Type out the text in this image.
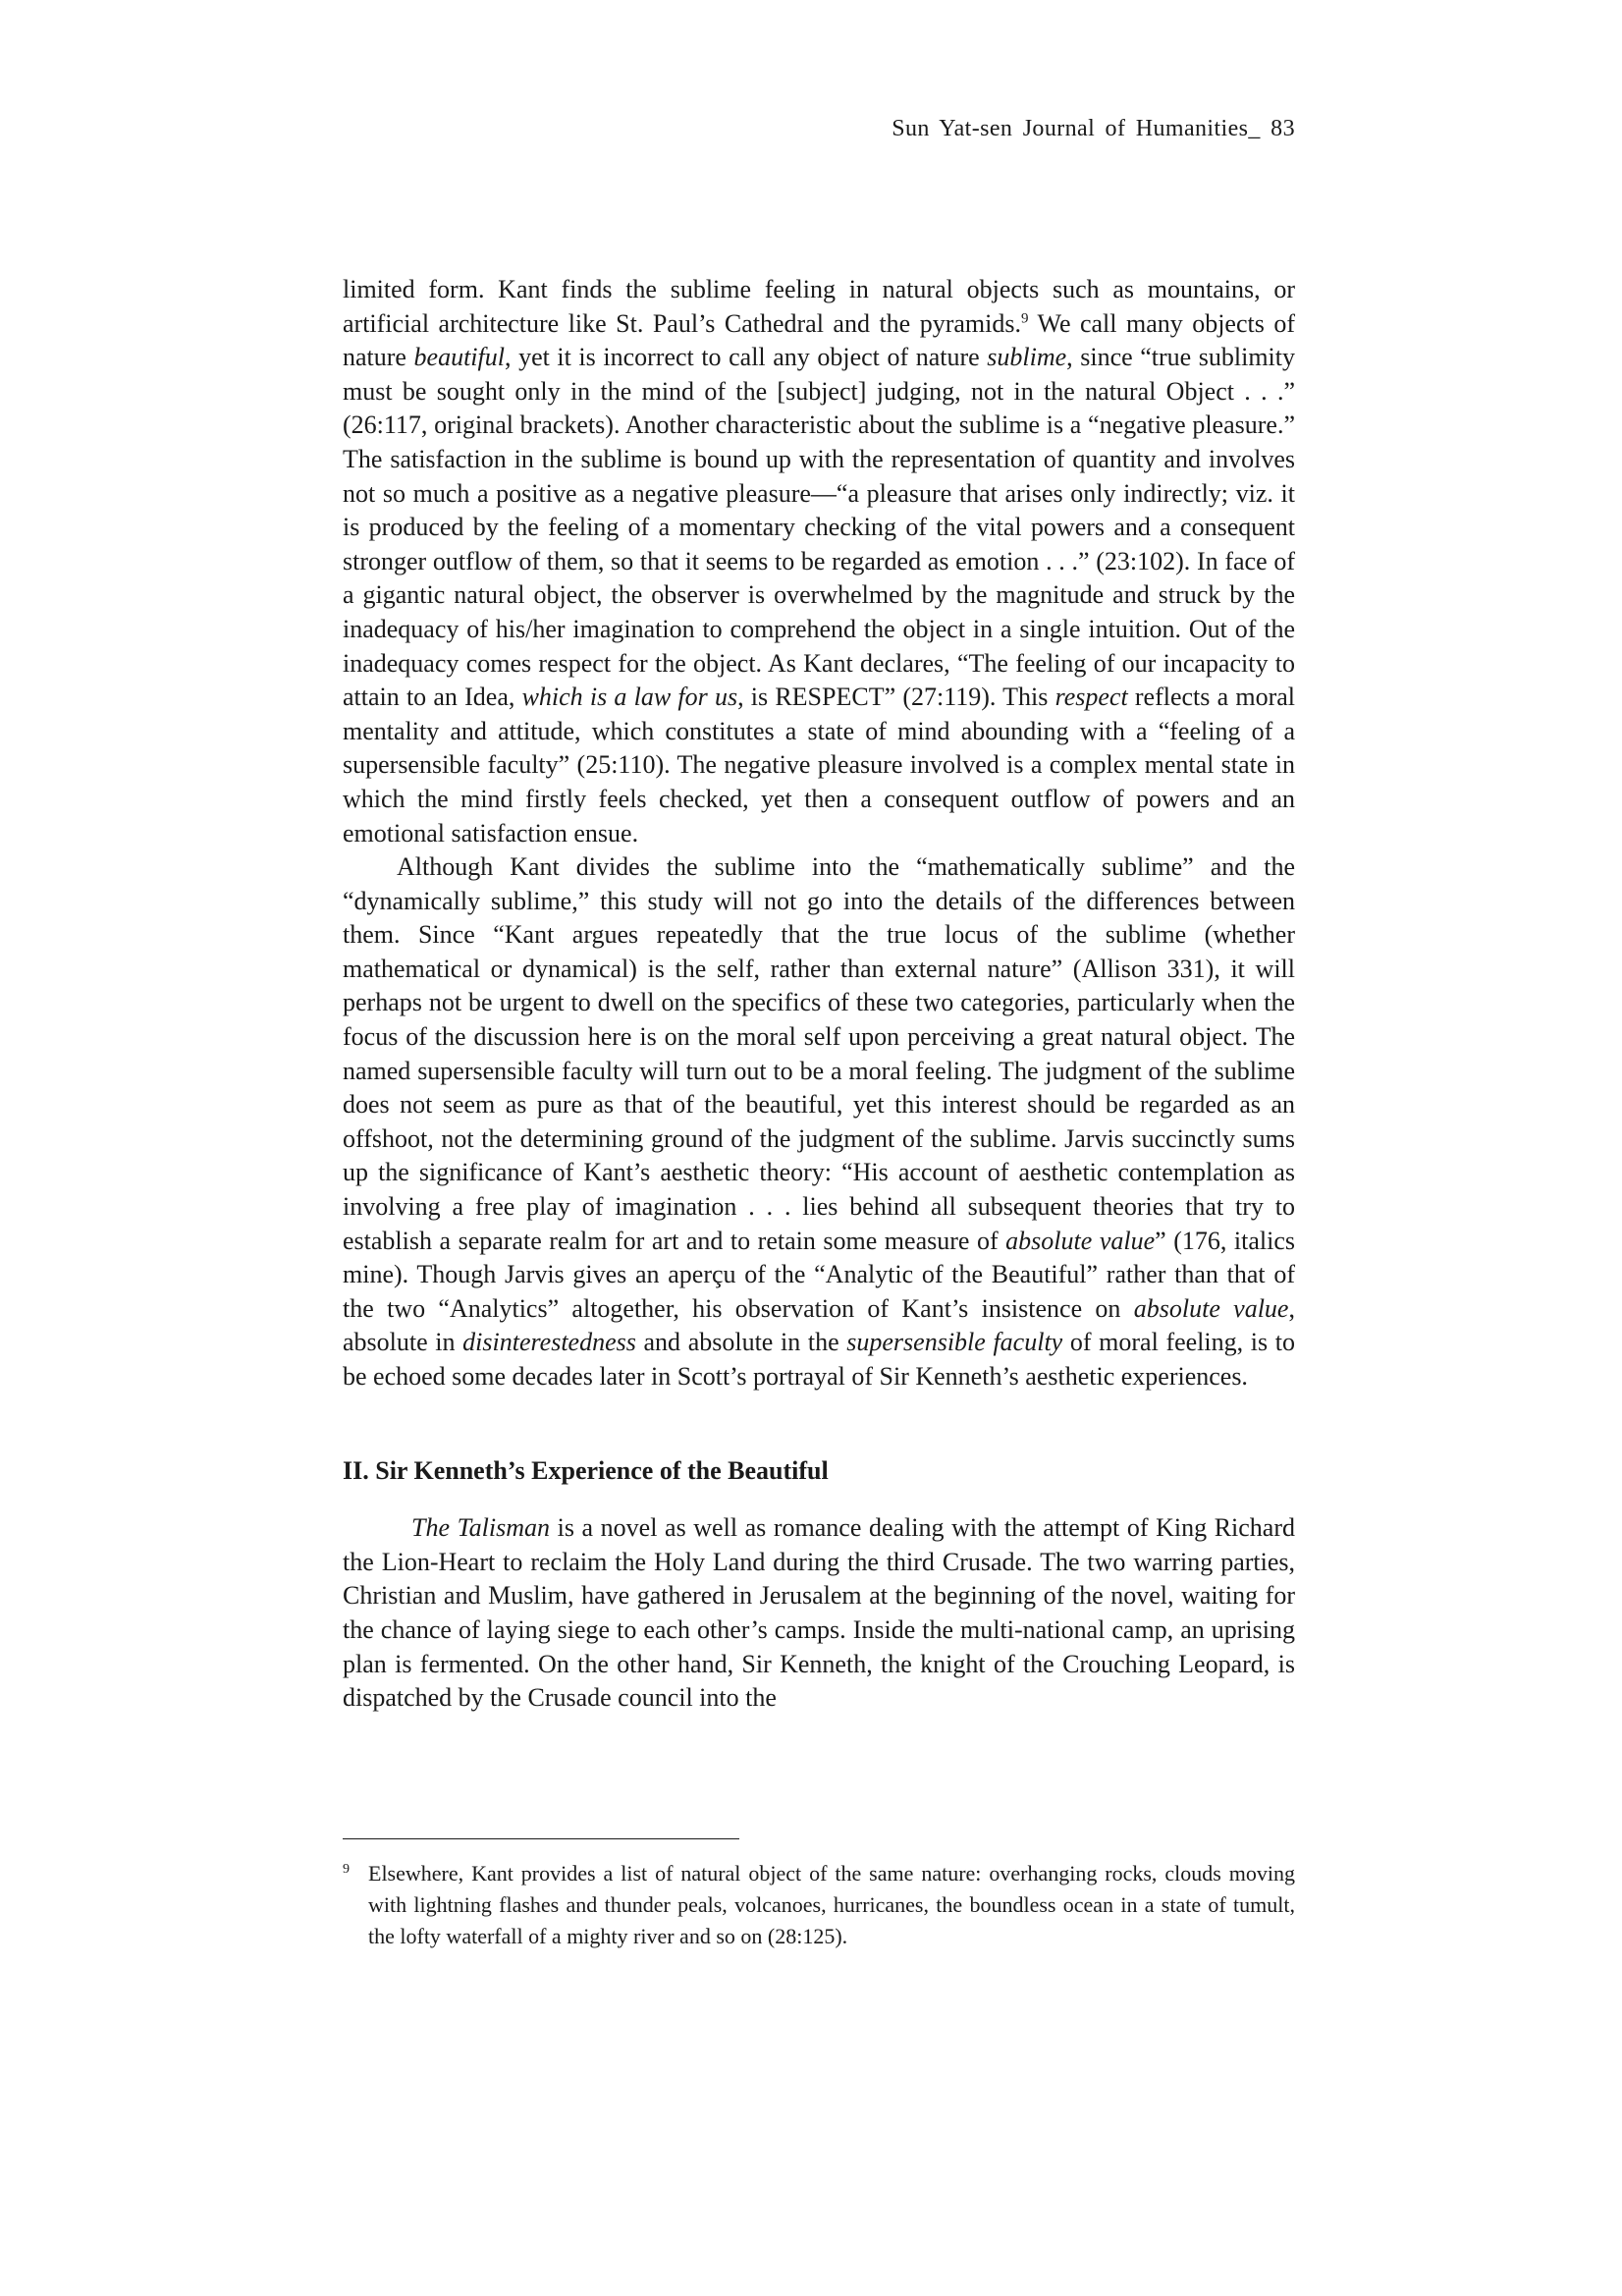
Sun Yat-sen Journal of Humanities_ 83

limited form. Kant finds the sublime feeling in natural objects such as mountains, or artificial architecture like St. Paul’s Cathedral and the pyramids.$^9$ We call many objects of nature beautiful, yet it is incorrect to call any object of nature sublime, since “true sublimity must be sought only in the mind of the [subject] judging, not in the natural Object . . .” (26:117, original brackets). Another characteristic about the sublime is a “negative pleasure.” The satisfaction in the sublime is bound up with the representation of quantity and involves not so much a positive as a negative pleasure—“a pleasure that arises only indirectly; viz. it is produced by the feeling of a momentary checking of the vital powers and a consequent stronger outflow of them, so that it seems to be regarded as emotion . . .” (23:102). In face of a gigantic natural object, the observer is overwhelmed by the magnitude and struck by the inadequacy of his/her imagination to comprehend the object in a single intuition. Out of the inadequacy comes respect for the object. As Kant declares, “The feeling of our incapacity to attain to an Idea, which is a law for us, is RESPECT” (27:119). This respect reflects a moral mentality and attitude, which constitutes a state of mind abounding with a “feeling of a supersensible faculty” (25:110). The negative pleasure involved is a complex mental state in which the mind firstly feels checked, yet then a consequent outflow of powers and an emotional satisfaction ensue.

Although Kant divides the sublime into the “mathematically sublime” and the “dynamically sublime,” this study will not go into the details of the differences between them. Since “Kant argues repeatedly that the true locus of the sublime (whether mathematical or dynamical) is the self, rather than external nature” (Allison 331), it will perhaps not be urgent to dwell on the specifics of these two categories, particularly when the focus of the discussion here is on the moral self upon perceiving a great natural object. The named supersensible faculty will turn out to be a moral feeling. The judgment of the sublime does not seem as pure as that of the beautiful, yet this interest should be regarded as an offshoot, not the determining ground of the judgment of the sublime. Jarvis succinctly sums up the significance of Kant’s aesthetic theory: “His account of aesthetic contemplation as involving a free play of imagination . . . lies behind all subsequent theories that try to establish a separate realm for art and to retain some measure of absolute value” (176, italics mine). Though Jarvis gives an aperçu of the “Analytic of the Beautiful” rather than that of the two “Analytics” altogether, his observation of Kant’s insistence on absolute value, absolute in disinterestedness and absolute in the supersensible faculty of moral feeling, is to be echoed some decades later in Scott’s portrayal of Sir Kenneth’s aesthetic experiences.

II. Sir Kenneth’s Experience of the Beautiful

The Talisman is a novel as well as romance dealing with the attempt of King Richard the Lion-Heart to reclaim the Holy Land during the third Crusade. The two warring parties, Christian and Muslim, have gathered in Jerusalem at the beginning of the novel, waiting for the chance of laying siege to each other’s camps. Inside the multi-national camp, an uprising plan is fermented. On the other hand, Sir Kenneth, the knight of the Crouching Leopard, is dispatched by the Crusade council into the

9 Elsewhere, Kant provides a list of natural object of the same nature: overhanging rocks, clouds moving with lightning flashes and thunder peals, volcanoes, hurricanes, the boundless ocean in a state of tumult, the lofty waterfall of a mighty river and so on (28:125).
